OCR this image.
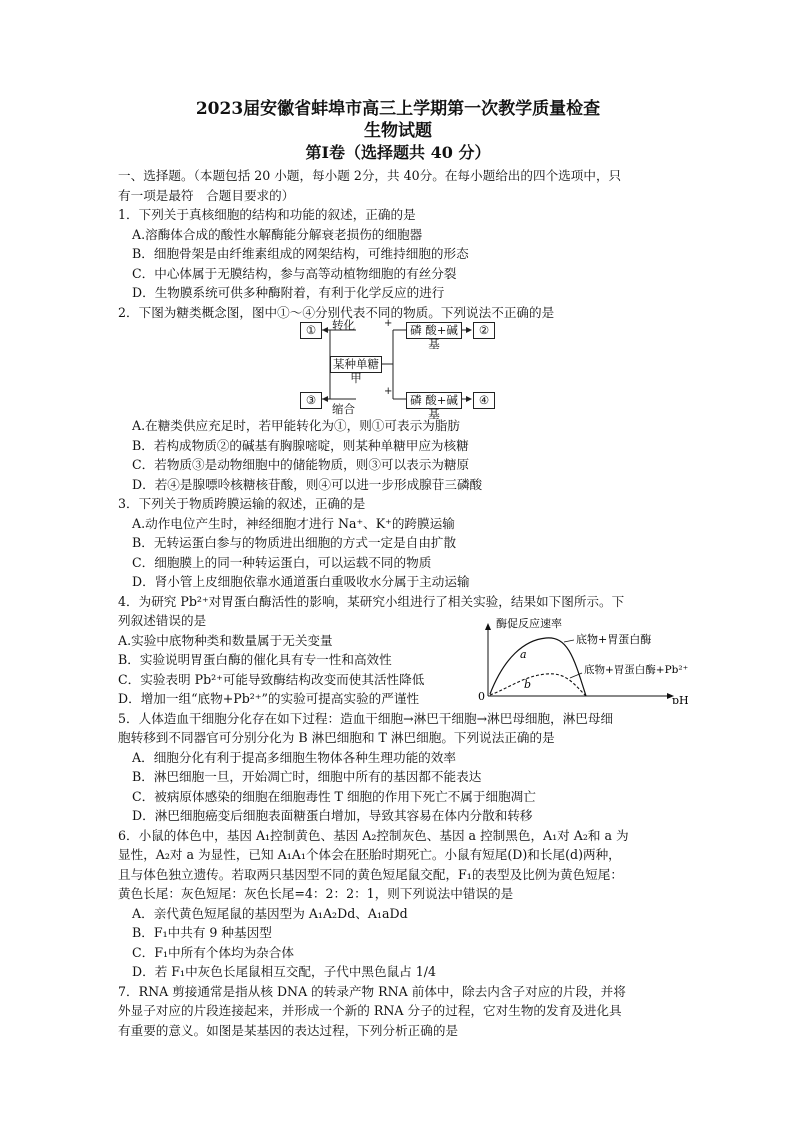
2023届安徽省蚌埠市高三上学期第一次教学质量检查

生物试题

第Ⅰ卷（选择题共 40 分）

一、选择题。（本题包括 20 小题，每小题 2分，共 40分。在每小题给出的四个选项中，只

有一项是最符　合题目要求的）

1．下列关于真核细胞的结构和功能的叙述，正确的是

A.溶酶体合成的酸性水解酶能分解衰老损伤的细胞器

B．细胞骨架是由纤维素组成的网架结构，可维持细胞的形态

C．中心体属于无膜结构，参与高等动植物细胞的有丝分裂

D．生物膜系统可供多种酶附着，有利于化学反应的进行

2．下图为糖类概念图，图中①～④分别代表不同的物质。下列说法不正确的是

①	转化
某种单糖甲
缩合
③
+
+
磷 酸+碱 基
②
磷 酸+碱 基
④

A.在糖类供应充足时，若甲能转化为①，则①可表示为脂肪

B．若构成物质②的碱基有胸腺嘧啶，则某种单糖甲应为核糖

C．若物质③是动物细胞中的储能物质，则③可以表示为糖原

D．若④是腺嘌呤核糖核苷酸，则④可以进一步形成腺苷三磷酸

3．下列关于物质跨膜运输的叙述，正确的是

A.动作电位产生时，神经细胞才进行 Na⁺、K⁺的跨膜运输

B．无转运蛋白参与的物质进出细胞的方式一定是自由扩散

C．细胞膜上的同一种转运蛋白，可以运载不同的物质

D．肾小管上皮细胞依靠水通道蛋白重吸收水分属于主动运输

4．为研究 Pb²⁺对胃蛋白酶活性的影响，某研究小组进行了相关实验，结果如下图所示。下

列叙述错误的是

A.实验中底物种类和数量属于无关变量

B．实验说明胃蛋白酶的催化具有专一性和高效性

C．实验表明 Pb²⁺可能导致酶结构改变而使其活性降低

D．增加一组“底物+Pb²⁺”的实验可提高实验的严谨性

酶促反应速率
pH
0
a
b
底物+胃蛋白酶
底物+胃蛋白酶+Pb²⁺

5．人体造血干细胞分化存在如下过程：造血干细胞→淋巴干细胞→淋巴母细胞，淋巴母细

胞转移到不同器官可分别分化为 B 淋巴细胞和 T 淋巴细胞。下列说法正确的是

A．细胞分化有利于提高多细胞生物体各种生理功能的效率

B．淋巴细胞一旦，开始凋亡时，细胞中所有的基因都不能表达

C．被病原体感染的细胞在细胞毒性 T 细胞的作用下死亡不属于细胞凋亡

D．淋巴细胞癌变后细胞表面糖蛋白增加，导致其容易在体内分散和转移

6．小鼠的体色中，基因 A₁控制黄色、基因 A₂控制灰色、基因 a 控制黑色，A₁对 A₂和 a 为

显性，A₂对 a 为显性，已知 A₁A₁个体会在胚胎时期死亡。小鼠有短尾(D)和长尾(d)两种，

且与体色独立遗传。若取两只基因型不同的黄色短尾鼠交配，F₁的表型及比例为黄色短尾：

黄色长尾：灰色短尾：灰色长尾=4：2：2：1，则下列说法中错误的是

A．亲代黄色短尾鼠的基因型为 A₁A₂Dd、A₁aDd

B．F₁中共有 9 种基因型

C．F₁中所有个体均为杂合体

D．若 F₁中灰色长尾鼠相互交配，子代中黑色鼠占 1/4

7．RNA 剪接通常是指从核 DNA 的转录产物 RNA 前体中，除去内含子对应的片段，并将

外显子对应的片段连接起来，并形成一个新的 RNA 分子的过程，它对生物的发育及进化具

有重要的意义。如图是某基因的表达过程，下列分析正确的是
